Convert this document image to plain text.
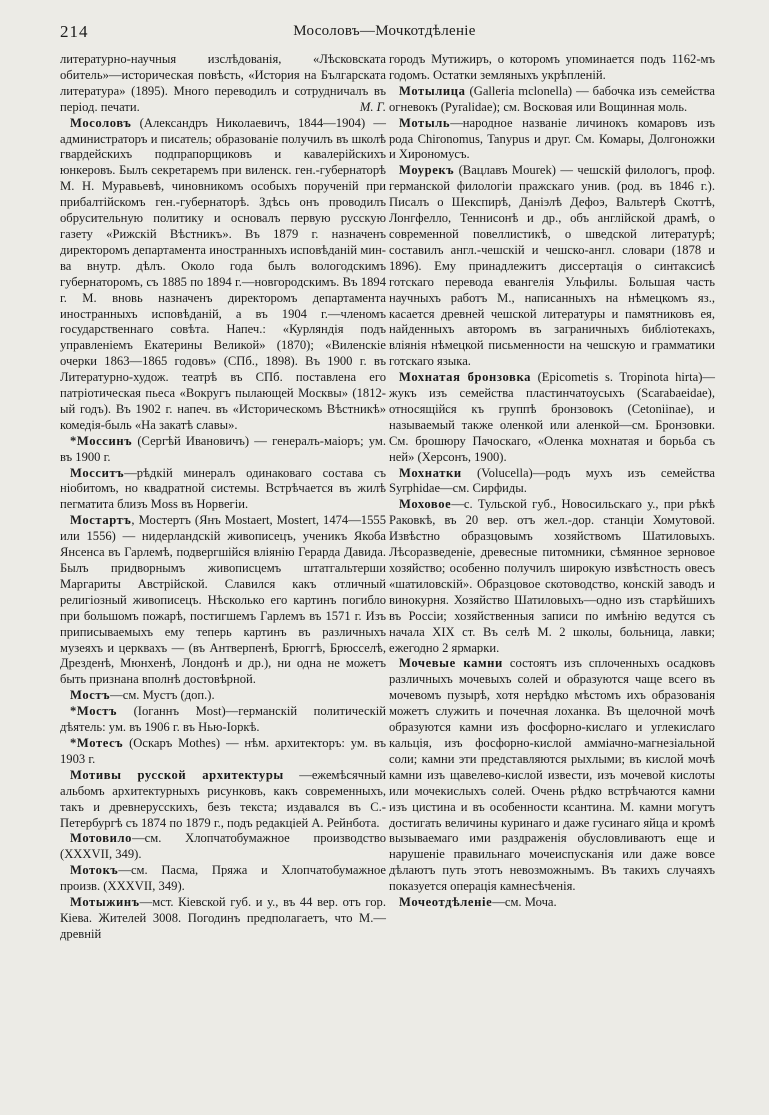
214	Мосоловъ—Мочкотдѣленіе

литературно-научныя изслѣдованія, «Лѣсковската обитель»—историческая повѣсть, «История на Българската литература» (1895). Много переводилъ и сотрудничалъ въ період. печати.	М. Г.

Мосоловъ (Александръ Николаевичъ, 1844—1904) — администраторъ и писатель; образованіе получилъ въ школѣ гвардейскихъ подпрапорщиковъ и кавалерійскихъ юнкеровъ. Былъ секретаремъ при виленск. ген.-губернаторѣ М. Н. Муравьевѣ, чиновникомъ особыхъ порученій при прибалтійскомъ ген.-губернаторѣ. Здѣсь онъ проводилъ обрусительную политику и основалъ первую русскую газету «Рижскій Вѣстникъ». Въ 1879 г. назначенъ директоромъ департамента иностранныхъ исповѣданій мин-ва внутр. дѣлъ. Около года былъ вологодскимъ губернаторомъ, съ 1885 по 1894 г.—новгородскимъ. Въ 1894 г. М. вновь назначенъ директоромъ департамента иностранныхъ исповѣданій, а въ 1904 г.—членомъ государственнаго совѣта. Напеч.: «Курляндія подъ управленіемъ Екатерины Великой» (1870); «Виленскіе очерки 1863—1865 годовъ» (СПб., 1898). Въ 1900 г. въ Литературно-худож. театрѣ въ СПб. поставлена его патріотическая пьеса «Вокругъ пылающей Москвы» (1812-ый годъ). Въ 1902 г. напеч. въ «Историческомъ Вѣстникѣ» комедія-быль «На закатѣ славы».

*Моссинъ (Сергѣй Ивановичъ) — генералъ-маіоръ; ум. въ 1900 г.

Мосситъ—рѣдкій минералъ одинаковаго состава съ ніобитомъ, но квадратной системы. Встрѣчается въ жилѣ пегматита близъ Moss въ Норвегіи.

Мостартъ, Мостертъ (Янъ Mostaert, Mostert, 1474—1555 или 1556) — нидерландскій живописецъ, ученикъ Якоба Янсенса въ Гарлемѣ, подвергшійся вліянію Герарда Давида. Былъ придворнымъ живописцемъ штатгальтерши Маргариты Австрійской. Славился какъ отличный религіозный живописецъ. Нѣсколько его картинъ погибло при большомъ пожарѣ, постигшемъ Гарлемъ въ 1571 г. Изъ приписываемыхъ ему теперь картинъ въ различныхъ музеяхъ и церквахъ — (въ Антверпенѣ, Брюггѣ, Брюсселѣ, Дрезденѣ, Мюнхенѣ, Лондонѣ и др.), ни одна не можетъ быть признана вполнѣ достовѣрной.

Мостъ—см. Мустъ (доп.).

*Мостъ (Іоганнъ Most)—германскій политическій дѣятель: ум. въ 1906 г. въ Нью-Іоркѣ.

*Мотесъ (Оскаръ Mothes) — нѣм. архитекторъ: ум. въ 1903 г.

Мотивы русской архитектуры —ежемѣсячный альбомъ архитектурныхъ рисунковъ, какъ современныхъ, такъ и древнерусскихъ, безъ текста; издавался въ С.-Петербургѣ съ 1874 по 1879 г., подъ редакціей А. Рейнбота.

Мотовило—см. Хлопчатобумажное производство (XXXVII, 349).

Мотокъ—см. Пасма, Пряжа и Хлопчатобумажное произв. (XXXVII, 349).

Мотыжинъ—мст. Кіевской губ. и у., въ 44 вер. отъ гор. Кіева. Жителей 3008. Погодинъ предполагаетъ, что М.—древній

городъ Мутижиръ, о которомъ упоминается подъ 1162-мъ годомъ. Остатки земляныхъ укрѣпленій.

Мотылица (Galleria mclonella) — бабочка изъ семейства огневокъ (Pyralidae); см. Восковая или Вощинная моль.

Мотыль—народное названіе личинокъ комаровъ изъ рода Chironomus, Tanypus и друг. См. Комары, Долгоножки и Хирономусъ.

Моурекъ (Вацлавъ Mourek) — чешскій филологъ, проф. германской филологіи пражскаго унив. (род. въ 1846 г.). Писалъ о Шекспирѣ, Даніэлѣ Дефоэ, Вальтерѣ Скоттѣ, Лонгфелло, Теннисонѣ и др., объ англійской драмѣ, о современной повеллистикѣ, о шведской литературѣ; составилъ англ.-чешскій и чешско-англ. словари (1878 и 1896). Ему принадлежитъ диссертація о синтаксисѣ готскаго перевода евангелія Ульфилы. Большая часть научныхъ работъ М., написанныхъ на нѣмецкомъ яз., касается древней чешской литературы и памятниковъ ея, найденныхъ авторомъ въ заграничныхъ библіотекахъ, вліянія нѣмецкой письменности на чешскую и грамматики готскаго языка.

Мохнатая бронзовка (Epicometis s. Tropinota hirta)—жукъ изъ семейства пластинчатоусыхъ (Scarabaeidae), относящійся къ группѣ бронзовокъ (Cetoniinae), и называемый также оленкой или аленкой—см. Бронзовки. См. брошюру Пачоскаго, «Оленка мохнатая и борьба съ ней» (Херсонъ, 1900).

Мохнатки (Volucella)—родъ мухъ изъ семейства Syrphidae—см. Сирфиды.

Моховое—с. Тульской губ., Новосильскаго у., при рѣкѣ Раковкѣ, въ 20 вер. отъ жел.-дор. станціи Хомутовой. Извѣстно образцовымъ хозяйствомъ Шатиловыхъ. Лѣсоразведеніе, древесные питомники, сѣмянное зерновое хозяйство; особенно получилъ широкую извѣстность овесъ «шатиловскій». Образцовое скотоводство, конскій заводъ и винокурня. Хозяйство Шатиловыхъ—одно изъ старѣйшихъ въ Россіи; хозяйственныя записи по имѣнію ведутся съ начала XIX ст. Въ селѣ М. 2 школы, больница, лавки; ежегодно 2 ярмарки.

Мочевые камни состоятъ изъ сплоченныхъ осадковъ различныхъ мочевыхъ солей и образуются чаще всего въ мочевомъ пузырѣ, хотя нерѣдко мѣстомъ ихъ образованія можетъ служить и почечная лоханка. Въ щелочной мочѣ образуются камни изъ фосфорно-кислаго и углекислаго кальція, изъ фосфорно-кислой амміачно-магнезіальной соли; камни эти представляются рыхлыми; въ кислой мочѣ камни изъ щавелево-кислой извести, изъ мочевой кислоты или мочекислыхъ солей. Очень рѣдко встрѣчаются камни изъ цистина и въ особенности ксантина. М. камни могутъ достигать величины куринаго и даже гусинаго яйца и кромѣ вызываемаго ими раздраженія обусловливаютъ еще и нарушеніе правильнаго мочеиспусканія или даже вовсе дѣлаютъ путь этотъ невозможнымъ. Въ такихъ случаяхъ показуется операція камнесѣченія.

Мочеотдѣленіе—см. Моча.
